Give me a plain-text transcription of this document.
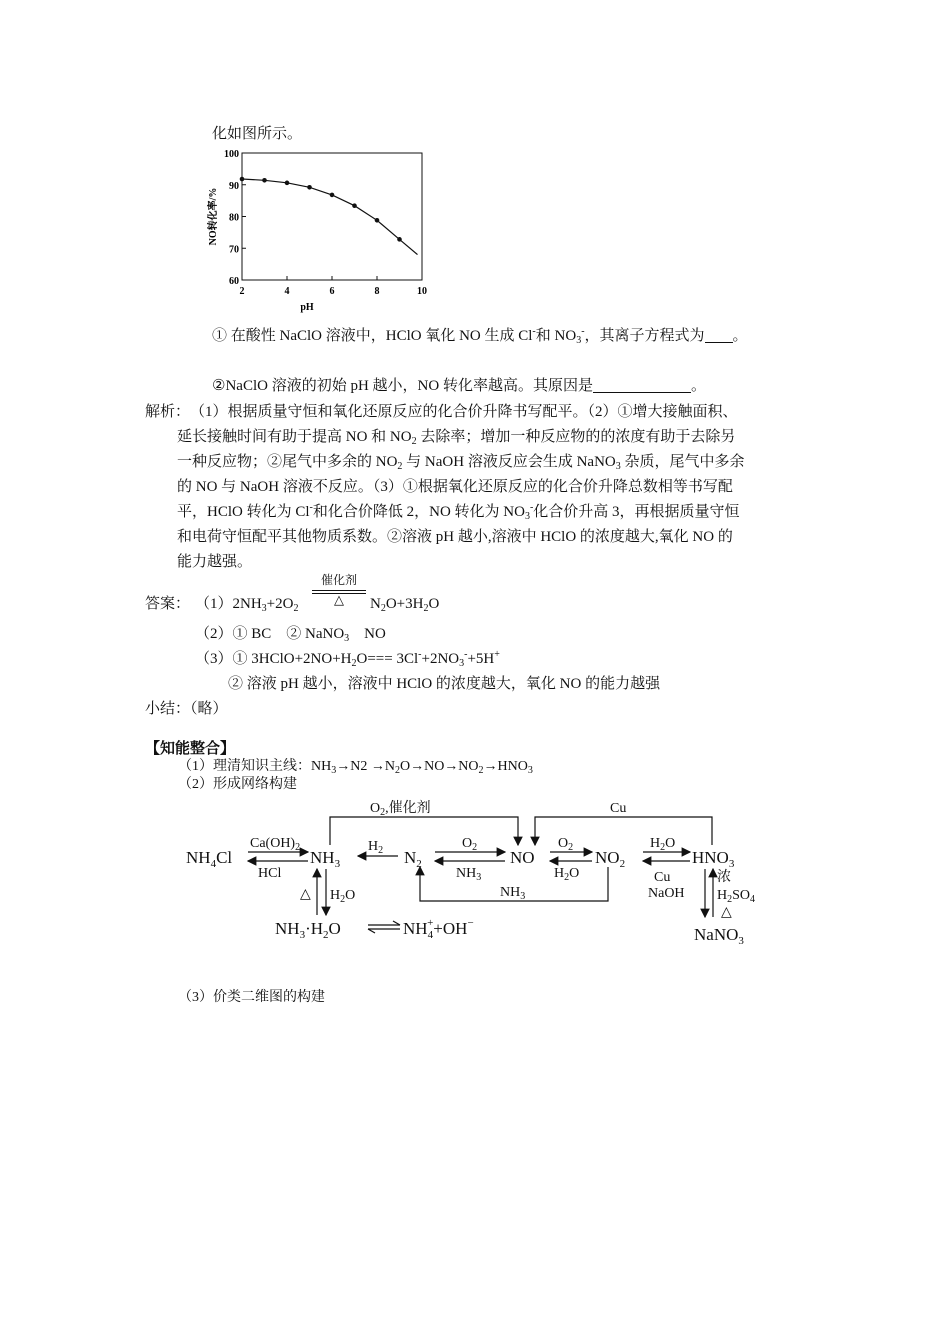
化如图所示。
2	4	6	8	10
60
70
80
90
100
pH
NO转化率/%
① 在酸性 NaClO 溶液中，HClO 氧化 NO 生成 Cl-和 $NO_3^-$，其离子方程式为 。
②NaClO 溶液的初始 pH 越小，NO 转化率越高。其原因是	。
解析： （1）根据质量守恒和氧化还原反应的化合价升降书写配平。（2）①增大接触面积、
延长接触时间有助于提高 NO 和 $NO_2$ 去除率；增加一种反应物的的浓度有助于去除另
一种反应物；②尾气中多余的 $NO_2$ 与 NaOH 溶液反应会生成 NaNO$_3$ 杂质，尾气中多余
的 NO 与 NaOH 溶液不反应。（3）①根据氧化还原反应的化合价升降总数相等书写配
平，HClO 转化为 Cl-和化合价降低 2，NO 转化为 $NO_3^-$化合价升高 3，再根据质量守恒
和电荷守恒配平其他物质系数。②溶液 pH 越小,溶液中 HClO 的浓度越大,氧化 NO 的
能力越强。
答案： $(1)2NH_3+2O_2$
催化剂
△	$N_2O+3H_2O$
（2）① BC　② NaNO$_3$　NO
（3）① $3HClO+2NO+H_2O=== 3Cl^-+2NO_3^-+5H^+$
② 溶液 pH 越小，溶液中 HClO 的浓度越大，氧化 NO 的能力越强
小结：（略）
【知能整合】
（1）理清知识主线：$NH_3\to N2 \to N_2O\to NO\to NO_2\to HNO_3$
（2）形成网络构建
$NH_4Cl$	$NH_3$	$N_2$	NO	$NO_2$	$HNO_3$
NaNO$_3$
$NH_3\cdot H_2O$	$NH_4++OH^-$
$O_2$,催化剂	Cu
$Ca(OH)_2$
HCl
$H_2$	$O_2$
$NH_3$
$O_2$
$H_2O$
$H_2O$
Cu
NaOH
$NH_3$
△ $H_2O$
浓
$H_2SO_4$
△
（3）价类二维图的构建
